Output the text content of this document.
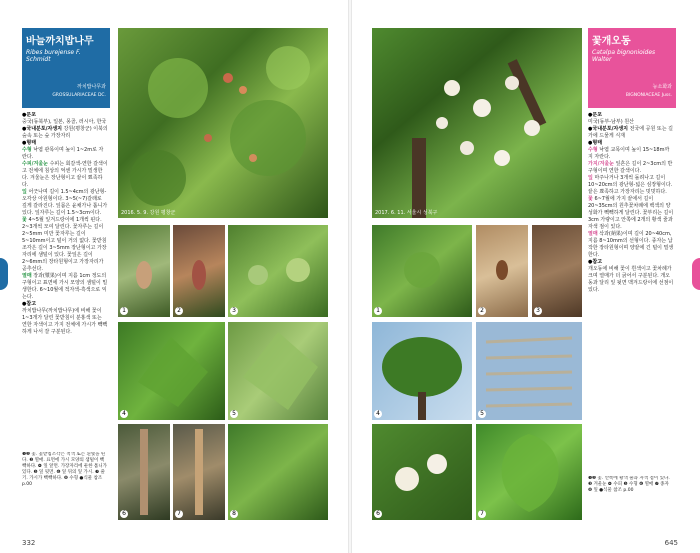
바늘까치밥나무
Ribes burejense F. Schmidt
까치밥나무과
GROSSULARIACEAE DC.
●분포
중국(동북부), 일본, 몽골, 러시아, 한국
●국내분포/자생지 강원(평창군) 이북의 숲속 또는 숲 가장자리
●형태
수형 낙엽 관목이며 높이 1~2m로 자란다.
수피/겨울눈 수피는 회갈색-연한 갈색이고 전체에 침상의 억센 가시가 밀생한다. 겨울눈은 장난형이고 끝이 뾰족하다.
잎 어긋나며 길이 1.5~4cm의 광난형-오각상 아원형이다. 3~5(~7)갈래로 깊게 갈라진다. 잎몸은 윤채가나 톱니가 있다. 잎자루는 길이 1.5~3cm이다.
꽃 4~5월 잎겨드랑이에 1개씩 핀다. 2~3개씩 모여 달린다. 꽃자루는 길이 2~5mm 미만 꽃자루는 길이 5~10mm이고 털이 거의 없다. 꽃받침조각은 길이 3~5mm 장난형이고 가장자리에 샘털이 있다. 꽃잎은 길이 2~6mm의 장타원형이고 가장자리가 곧추선다.
열매 장과(漿果)이며 지름 1cm 정도의 구형이고 표면에 가시 모양의 샘털이 밀생한다. 6~10월에 적자색-흑색으로 익는다.
●참고
까치밥나무(까치밥나무)에 비해 꽃이 1~3개가 달린 꽃받침이 분홍색 또는 연한 자색이고 가지 전체에 가시가 빽빽하게 나서 잘 구분된다.
❶❷ 꽃. 꽃받침조각은 적색 또는 흰빛을 띤다. ❸ 열매. 표면에 가시 모양의 샘털이 빽빽하다. ❹ 잎 앞면. 가장자리에 둔한 톱니가 있다. ❺ 잎 뒷면. ❻ 잎 뒤의 잎 가시. ❼ 줄기. 가시가 빽빽하다. ❽ 수형 ●식물 참조 p.00
2016. 5. 9. 강원 평창군
1	2	3
4	5
6	7	8
332
2017. 6. 11. 서울시 성북구
1	2	3
4	5
6	7
꽃개오동
Catalpa bignonioides Walter
능소화과
BIGNONIACEAE Juss.
●분포
미국(동부-남부) 원산
●국내분포/자생지 전국에 공원 또는 길가에 드물게 식재
●형태
수형 낙엽 교목이며 높이 15~18m까지 자란다.
가지/겨울눈 잎흔은 길이 2~3cm의 반구형이며 연한 갈색이다.
잎 마주나거나 3개씩 돌려나고 길이 10~20cm의 광난형-넓은 심장형이다. 끝은 뾰족하고 가장자리는 밋밋하다.
꽃 6~7월에 가지 끝에서 길이 20~35cm의 원추꽃차례에 백색의 양성화가 빽빽하게 달린다. 꽃부리는 길이 3cm 가량이고 안쪽에 2개의 황색 줄과 자색 점이 있다.
열매 삭과(蒴果)이며 길이 20~40cm, 지름 8~10mm의 선형이다. 종자는 납작한 장타원형이며 양끝에 긴 털이 밀생한다.
●참고
개오동에 비해 꽃이 흰색이고 꽃차례가 크며 열매가 더 굵어서 구분된다. 개오동과 달리 잎 뒷면 맥겨드랑이에 선점이 있다.
❶❷ 꽃. 안쪽에 황색 줄과 자색 점이 있다. ❸ 겨울눈 ❹ 수피 ❺ 수형 ❻ 열매 ❼ 종자 ❽ 잎 ●식물 참조 p.00
645
